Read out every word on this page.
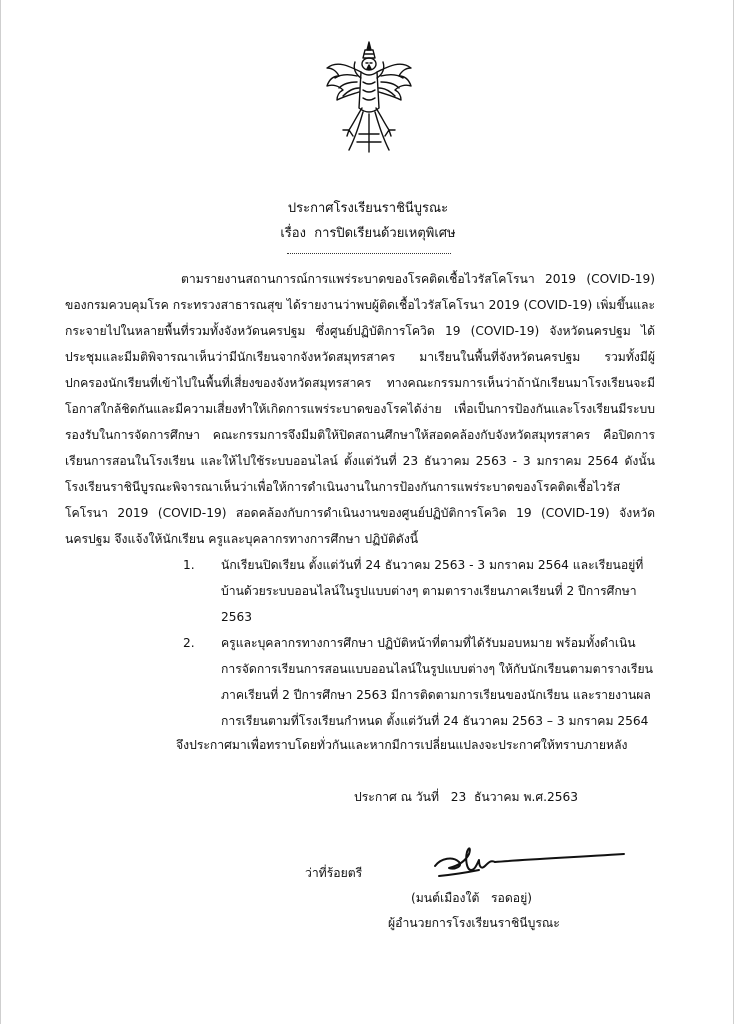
ประกาศโรงเรียนราชินีบูรณะ
เรื่อง  การปิดเรียนด้วยเหตุพิเศษ

ตามรายงานสถานการณ์การแพร่ระบาดของโรคติดเชื้อไวรัสโคโรนา 2019 (COVID-19) ของกรมควบคุมโรค กระทรวงสาธารณสุข ได้รายงานว่าพบผู้ติดเชื้อไวรัสโคโรนา 2019 (COVID-19) เพิ่มขึ้นและกระจายไปในหลายพื้นที่รวมทั้งจังหวัดนครปฐม ซึ่งศูนย์ปฏิบัติการโควิด 19 (COVID-19) จังหวัดนครปฐม ได้ประชุมและมีมติพิจารณาเห็นว่ามีนักเรียนจากจังหวัดสมุทรสาคร มาเรียนในพื้นที่จังหวัดนครปฐม รวมทั้งมีผู้ปกครองนักเรียนที่เข้าไปในพื้นที่เสี่ยงของจังหวัดสมุทรสาคร ทางคณะกรรมการเห็นว่าถ้านักเรียนมาโรงเรียนจะมีโอกาสใกล้ชิดกันและมีความเสี่ยงทำให้เกิดการแพร่ระบาดของโรคได้ง่าย เพื่อเป็นการป้องกันและโรงเรียนมีระบบรองรับในการจัดการศึกษา คณะกรรมการจึงมีมติให้ปิดสถานศึกษาให้สอดคล้องกับจังหวัดสมุทรสาคร คือปิดการเรียนการสอนในโรงเรียน และให้ไปใช้ระบบออนไลน์ ตั้งแต่วันที่ 23 ธันวาคม 2563 - 3 มกราคม 2564 ดังนั้นโรงเรียนราชินีบูรณะพิจารณาเห็นว่าเพื่อให้การดำเนินงานในการป้องกันการแพร่ระบาดของโรคติดเชื้อไวรัสโคโรนา 2019 (COVID-19) สอดคล้องกับการดำเนินงานของศูนย์ปฏิบัติการโควิด 19 (COVID-19) จังหวัดนครปฐม จึงแจ้งให้นักเรียน ครูและบุคลากรทางการศึกษา ปฏิบัติดังนี้

1. นักเรียนปิดเรียน ตั้งแต่วันที่ 24 ธันวาคม 2563 - 3 มกราคม 2564 และเรียนอยู่ที่บ้านด้วยระบบออนไลน์ในรูปแบบต่างๆ ตามตารางเรียนภาคเรียนที่ 2 ปีการศึกษา 2563
2. ครูและบุคลากรทางการศึกษา ปฏิบัติหน้าที่ตามที่ได้รับมอบหมาย พร้อมทั้งดำเนินการจัดการเรียนการสอนแบบออนไลน์ในรูปแบบต่างๆ ให้กับนักเรียนตามตารางเรียนภาคเรียนที่ 2 ปีการศึกษา 2563 มีการติดตามการเรียนของนักเรียน และรายงานผลการเรียนตามที่โรงเรียนกำหนด ตั้งแต่วันที่ 24 ธันวาคม 2563 – 3 มกราคม 2564
จึงประกาศมาเพื่อทราบโดยทั่วกันและหากมีการเปลี่ยนแปลงจะประกาศให้ทราบภายหลัง
ประกาศ ณ วันที่ 23  ธันวาคม พ.ศ.2563
ว่าที่ร้อยตรี
(มนต์เมืองใต้   รอดอยู่)
ผู้อำนวยการโรงเรียนราชินีบูรณะ
